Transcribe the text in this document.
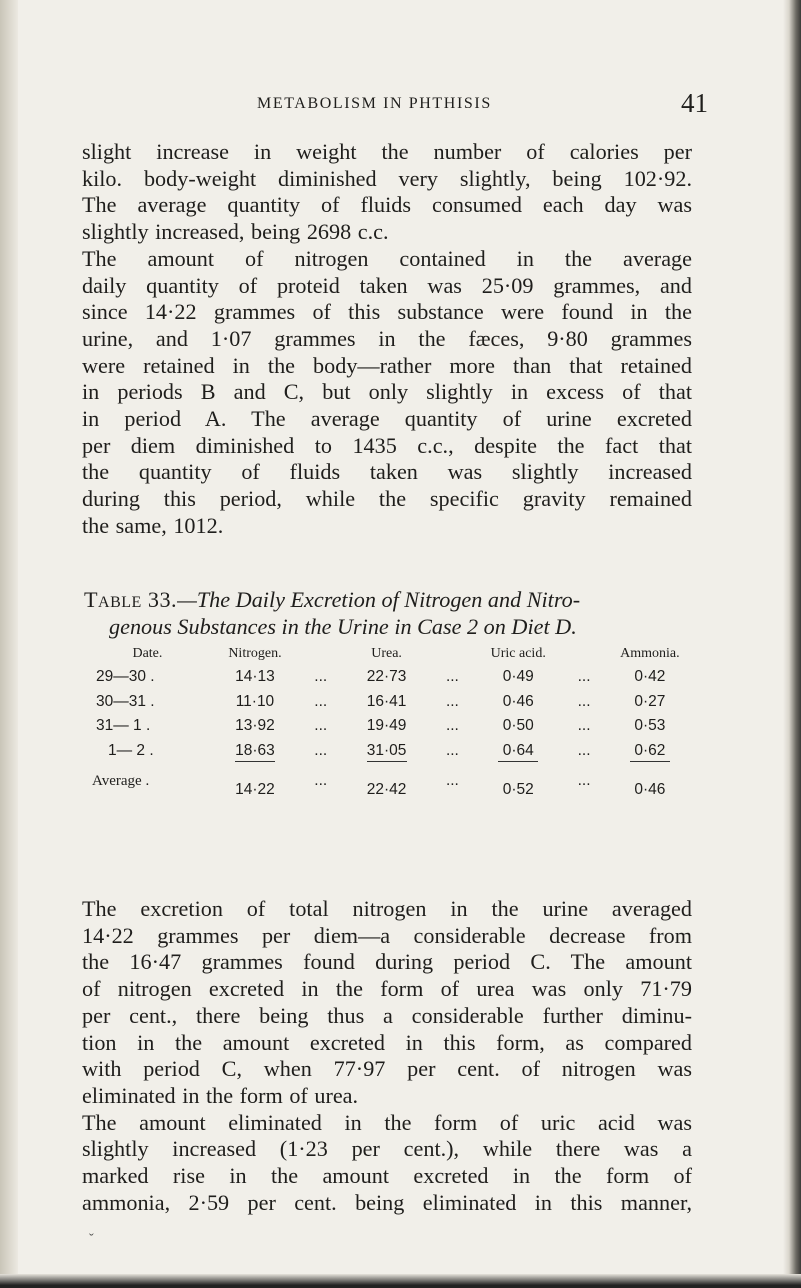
METABOLISM IN PHTHISIS	41
slight increase in weight the number of calories per
kilo. body-weight diminished very slightly, being 102·92.
The average quantity of fluids consumed each day was
slightly increased, being 2698 c.c.
The amount of nitrogen contained in the average
daily quantity of proteid taken was 25·09 grammes, and
since 14·22 grammes of this substance were found in the
urine, and 1·07 grammes in the fæces, 9·80 grammes
were retained in the body—rather more than that retained
in periods B and C, but only slightly in excess of that
in period A. The average quantity of urine excreted
per diem diminished to 1435 c.c., despite the fact that
the quantity of fluids taken was slightly increased
during this period, while the specific gravity remained
the same, 1012.
Table 33.—The Daily Excretion of Nitrogen and Nitro-
genous Substances in the Urine in Case 2 on Diet D.
Date.	Nitrogen.		Urea.		Uric acid.		Ammonia.
29—30 .	14·13	...	22·73	...	0·49	...	0·42
30—31 .	11·10	...	16·41	...	0·46	...	0·27
31— 1 .	13·92	...	19·49	...	0·50	...	0·53
1— 2 .	18·63	...	31·05	...	0·64	...	0·62
Average .	14·22	...	22·42	...	0·52	...	0·46
The excretion of total nitrogen in the urine averaged
14·22 grammes per diem—a considerable decrease from
the 16·47 grammes found during period C. The amount
of nitrogen excreted in the form of urea was only 71·79
per cent., there being thus a considerable further diminu-
tion in the amount excreted in this form, as compared
with period C, when 77·97 per cent. of nitrogen was
eliminated in the form of urea.
The amount eliminated in the form of uric acid was
slightly increased (1·23 per cent.), while there was a
marked rise in the amount excreted in the form of
ammonia, 2·59 per cent. being eliminated in this manner,
ˇ
